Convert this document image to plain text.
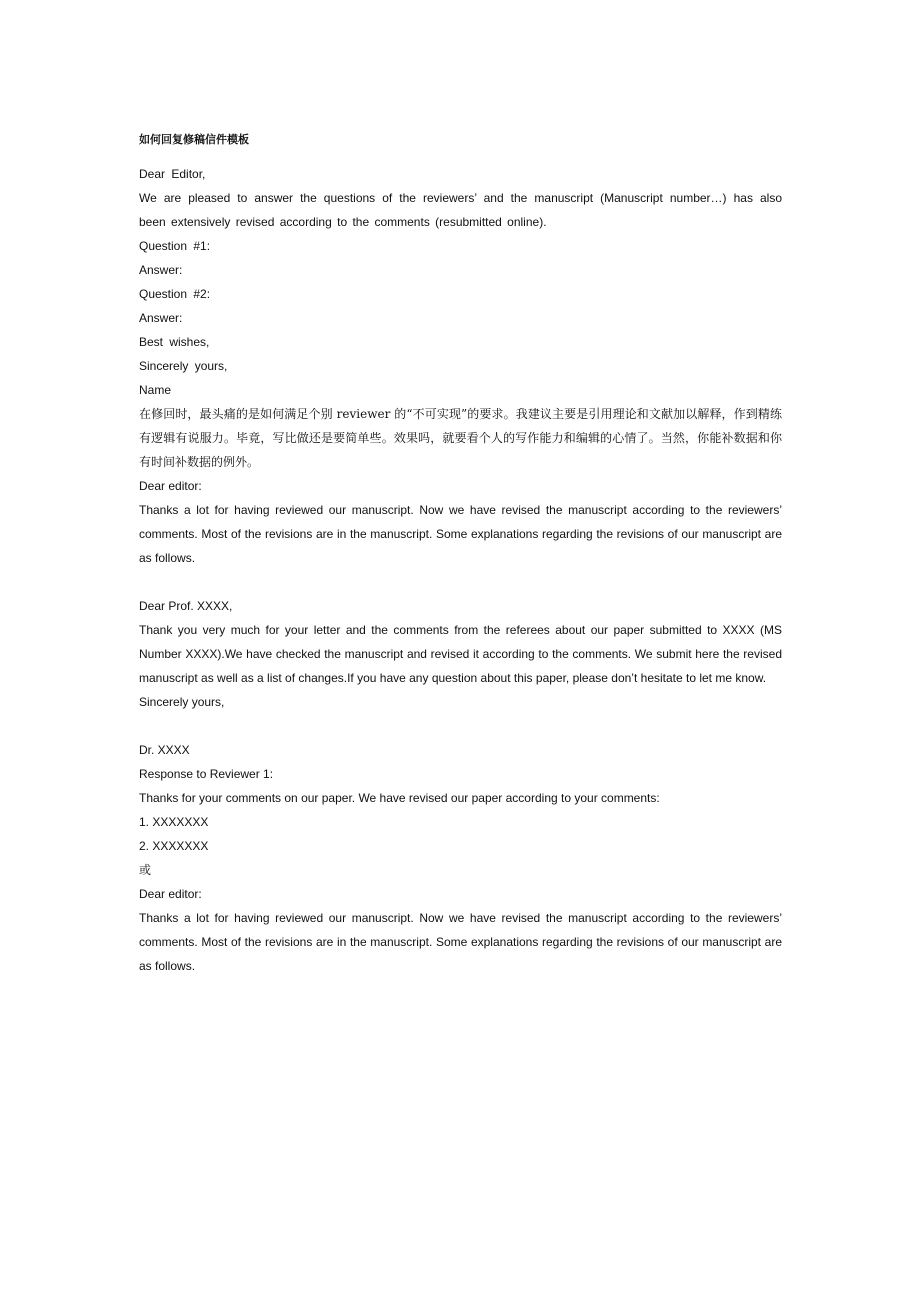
如何回复修稿信件模板

Dear Editor,

We are pleased to answer the questions of the reviewers’ and the manuscript (Manuscript number…) has also been extensively revised according to the comments (resubmitted online).

Question #1:

Answer:

Question #2:

Answer:

Best wishes,

Sincerely yours,

Name

在修回时，最头痛的是如何满足个别 reviewer 的“不可实现”的要求。我建议主要是引用理论和文献加以解释，作到精练有逻辑有说服力。毕竟，写比做还是要简单些。效果吗，就要看个人的写作能力和编辑的心情了。当然，你能补数据和你有时间补数据的例外。

Dear editor:

Thanks a lot for having reviewed our manuscript. Now we have revised the manuscript according to the reviewers’ comments. Most of the revisions are in the manuscript. Some explanations regarding the revisions of our manuscript are as follows.

Dear Prof. XXXX,

Thank you very much for your letter and the comments from the referees about our paper submitted to XXXX (MS Number XXXX).We have checked the manuscript and revised it according to the comments. We submit here the revised manuscript as well as a list of changes.If you have any question about this paper, please don’t hesitate to let me know.

Sincerely yours,

Dr. XXXX

Response to Reviewer 1:

Thanks for your comments on our paper. We have revised our paper according to your comments:

1. XXXXXXX

2. XXXXXXX

或

Dear editor:

Thanks a lot for having reviewed our manuscript. Now we have revised the manuscript according to the reviewers’ comments. Most of the revisions are in the manuscript. Some explanations regarding the revisions of our manuscript are as follows.
